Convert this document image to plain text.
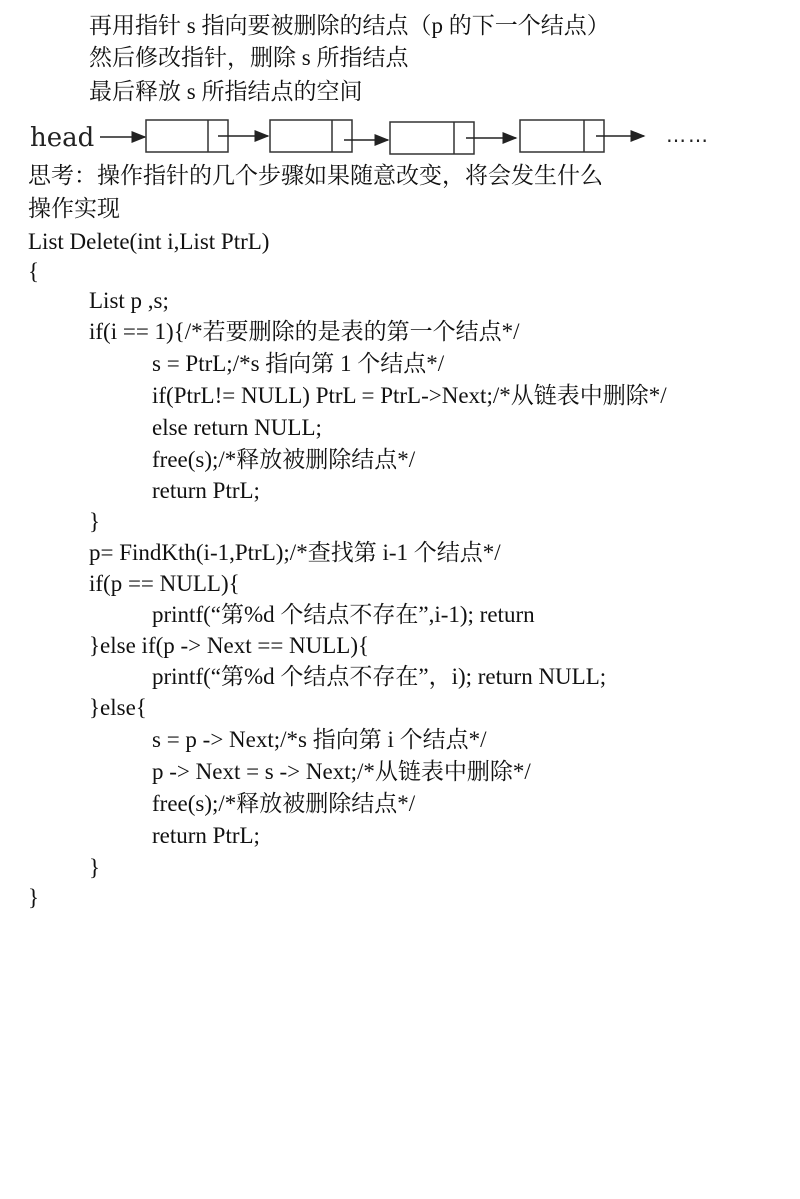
再用指针 s 指向要被删除的结点（p 的下一个结点）
然后修改指针，删除 s 所指结点
最后释放 s 所指结点的空间
head	……
思考：操作指针的几个步骤如果随意改变，将会发生什么
操作实现
List Delete(int i,List PtrL)
{
List p ,s;
if(i == 1){/*若要删除的是表的第一个结点*/
s = PtrL;/*s 指向第 1 个结点*/
if(PtrL!= NULL) PtrL = PtrL->Next;/*从链表中删除*/
else return NULL;
free(s);/*释放被删除结点*/
return PtrL;
}
p= FindKth(i-1,PtrL);/*查找第 i-1 个结点*/
if(p == NULL){
printf(“第%d 个结点不存在”,i-1); return
}else if(p -> Next == NULL){
printf(“第%d 个结点不存在”，i); return NULL;
}else{
s = p -> Next;/*s 指向第 i 个结点*/
p -> Next = s -> Next;/*从链表中删除*/
free(s);/*释放被删除结点*/
return PtrL;
}
}
